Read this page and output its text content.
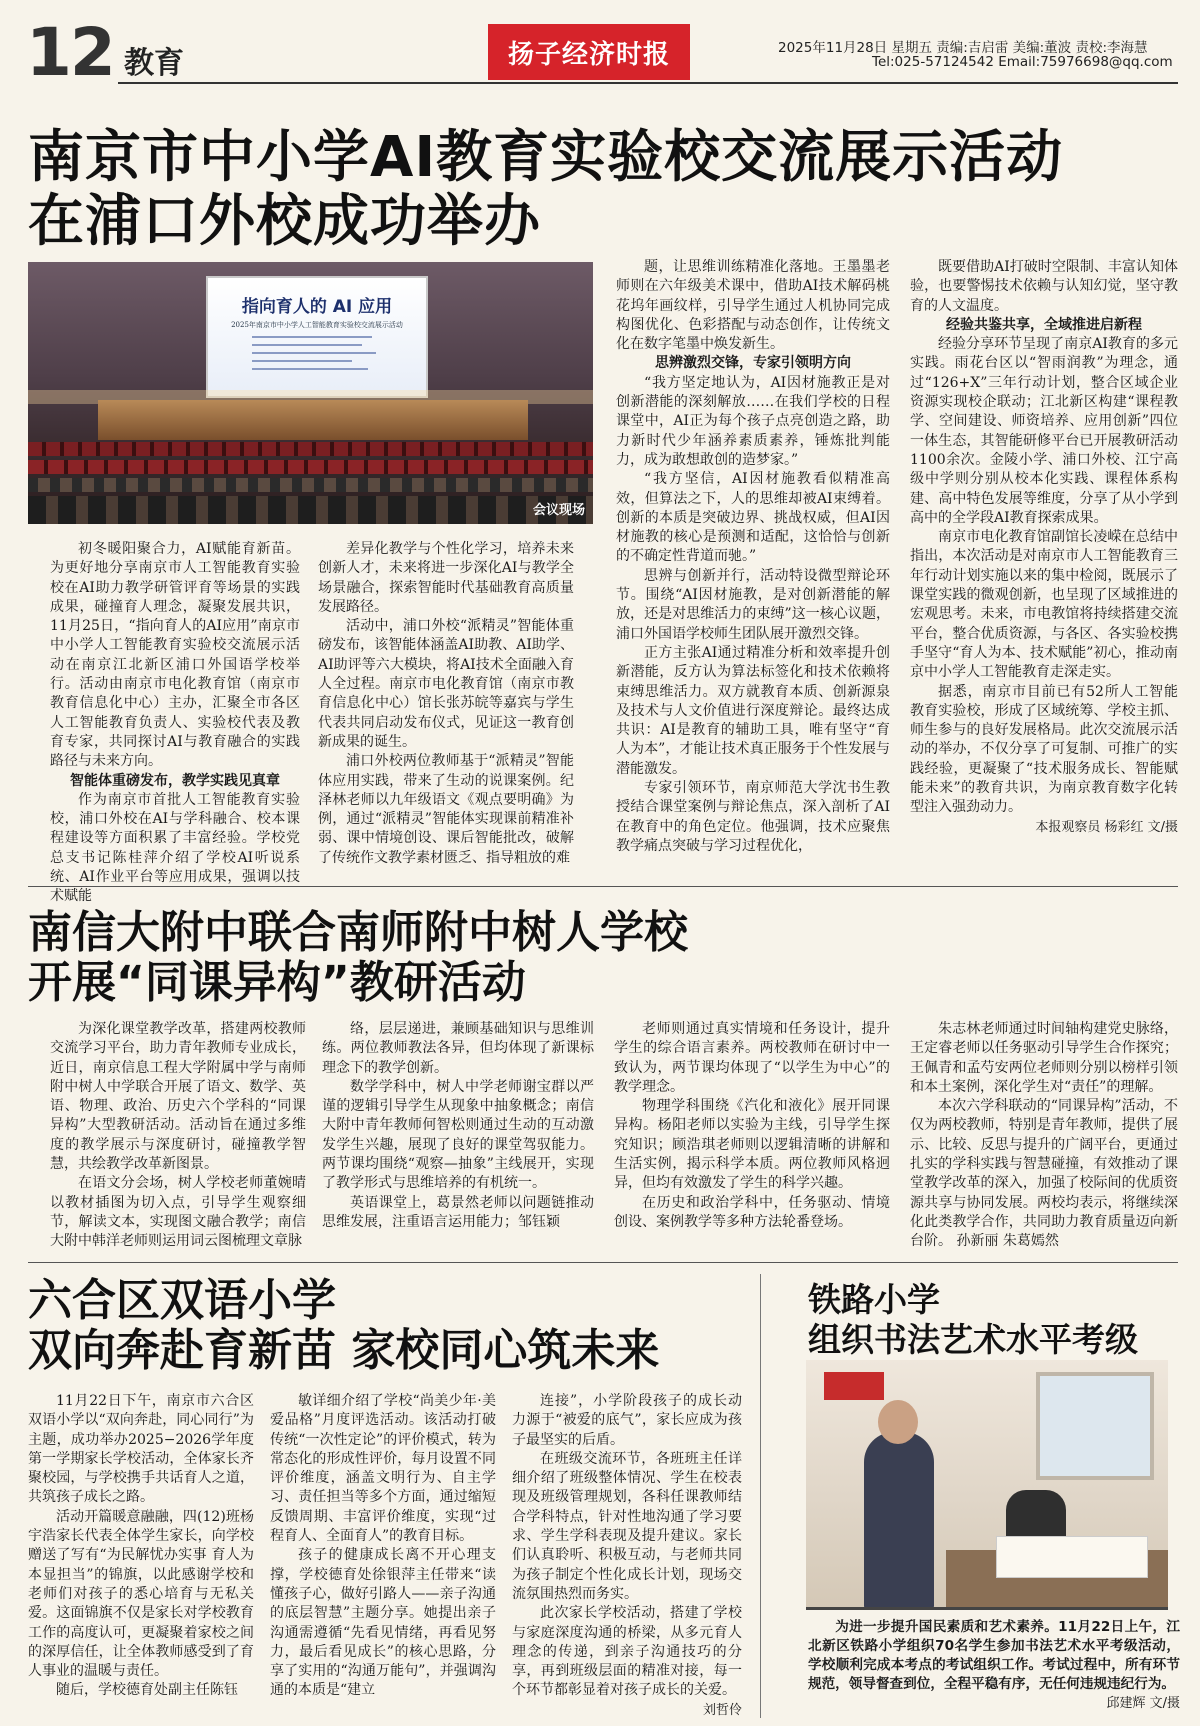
12 教育	扬子经济时报	2025年11月28日 星期五 责编:吉启雷 美编:董波 责校:李海慧
Tel:025-57124542 Email:75976698@qq.com
南京市中小学AI教育实验校交流展示活动
在浦口外校成功举办
指向育人的 AI 应用
2025年南京市中小学人工智能教育实验校交流展示活动
会议现场

初冬暖阳聚合力，AI赋能育新苗。为更好地分享南京市人工智能教育实验校在AI助力教学研管评育等场景的实践成果，碰撞育人理念，凝聚发展共识，11月25日，“指向育人的AI应用”南京市中小学人工智能教育实验校交流展示活动在南京江北新区浦口外国语学校举行。活动由南京市电化教育馆（南京市教育信息化中心）主办，汇聚全市各区人工智能教育负责人、实验校代表及教育专家，共同探讨AI与教育融合的实践路径与未来方向。

智能体重磅发布，教学实践见真章

作为南京市首批人工智能教育实验校，浦口外校在AI与学科融合、校本课程建设等方面积累了丰富经验。学校党总支书记陈桂萍介绍了学校AI听说系统、AI作业平台等应用成果，强调以技术赋能

差异化教学与个性化学习，培养未来创新人才，未来将进一步深化AI与教学全场景融合，探索智能时代基础教育高质量发展路径。

活动中，浦口外校“派精灵”智能体重磅发布，该智能体涵盖AI助教、AI助学、AI助评等六大模块，将AI技术全面融入育人全过程。南京市电化教育馆（南京市教育信息化中心）馆长张苏皖等嘉宾与学生代表共同启动发布仪式，见证这一教育创新成果的诞生。

浦口外校两位教师基于“派精灵”智能体应用实践，带来了生动的说课案例。纪泽林老师以九年级语文《观点要明确》为例，通过“派精灵”智能体实现课前精准补弱、课中情境创设、课后智能批改，破解了传统作文教学素材匮乏、指导粗放的难

题，让思维训练精准化落地。王墨墨老师则在六年级美术课中，借助AI技术解码桃花坞年画纹样，引导学生通过人机协同完成构图优化、色彩搭配与动态创作，让传统文化在数字笔墨中焕发新生。

思辨激烈交锋，专家引领明方向

“我方坚定地认为，AI因材施教正是对创新潜能的深刻解放……在我们学校的日程课堂中，AI正为每个孩子点亮创造之路，助力新时代少年涵养素质素养，锤炼批判能力，成为敢想敢创的造梦家。”

“我方坚信，AI因材施教看似精准高效，但算法之下，人的思维却被AI束缚着。创新的本质是突破边界、挑战权威，但AI因材施教的核心是预测和适配，这恰恰与创新的不确定性背道而驰。”

思辨与创新并行，活动特设微型辩论环节。围绕“AI因材施教，是对创新潜能的解放，还是对思维活力的束缚”这一核心议题，浦口外国语学校师生团队展开激烈交锋。

正方主张AI通过精准分析和效率提升创新潜能，反方认为算法标签化和技术依赖将束缚思维活力。双方就教育本质、创新源泉及技术与人文价值进行深度辩论。最终达成共识：AI是教育的辅助工具，唯有坚守“育人为本”，才能让技术真正服务于个性发展与潜能激发。

专家引领环节，南京师范大学沈书生教授结合课堂案例与辩论焦点，深入剖析了AI在教育中的角色定位。他强调，技术应聚焦教学痛点突破与学习过程优化，

既要借助AI打破时空限制、丰富认知体验，也要警惕技术依赖与认知幻觉，坚守教育的人文温度。

经验共鉴共享，全域推进启新程

经验分享环节呈现了南京AI教育的多元实践。雨花台区以“智雨润教”为理念，通过“126+X”三年行动计划，整合区域企业资源实现校企联动；江北新区构建“课程教学、空间建设、师资培养、应用创新”四位一体生态，其智能研修平台已开展教研活动1100余次。金陵小学、浦口外校、江宁高级中学则分别从校本化实践、课程体系构建、高中特色发展等维度，分享了从小学到高中的全学段AI教育探索成果。

南京市电化教育馆副馆长凌嵘在总结中指出，本次活动是对南京市人工智能教育三年行动计划实施以来的集中检阅，既展示了课堂实践的微观创新，也呈现了区域推进的宏观思考。未来，市电教馆将持续搭建交流平台，整合优质资源，与各区、各实验校携手坚守“育人为本、技术赋能”初心，推动南京中小学人工智能教育走深走实。

据悉，南京市目前已有52所人工智能教育实验校，形成了区域统筹、学校主抓、师生参与的良好发展格局。此次交流展示活动的举办，不仅分享了可复制、可推广的实践经验，更凝聚了“技术服务成长、智能赋能未来”的教育共识，为南京教育数字化转型注入强劲动力。

本报观察员 杨彩红 文/摄

南信大附中联合南师附中树人学校
开展“同课异构”教研活动

为深化课堂教学改革，搭建两校教师交流学习平台，助力青年教师专业成长，近日，南京信息工程大学附属中学与南师附中树人中学联合开展了语文、数学、英语、物理、政治、历史六个学科的“同课异构”大型教研活动。活动旨在通过多维度的教学展示与深度研讨，碰撞教学智慧，共绘教学改革新图景。

在语文分会场，树人学校老师董婉晴以教材插图为切入点，引导学生观察细节，解读文本，实现图文融合教学；南信大附中韩洋老师则运用词云图梳理文章脉

络，层层递进，兼顾基础知识与思维训练。两位教师教法各异，但均体现了新课标理念下的教学创新。

数学学科中，树人中学老师谢宝群以严谨的逻辑引导学生从现象中抽象概念；南信大附中青年教师何智松则通过生动的互动激发学生兴趣，展现了良好的课堂驾驭能力。两节课均围绕“观察—抽象”主线展开，实现了教学形式与思维培养的有机统一。

英语课堂上，葛景然老师以问题链推动思维发展，注重语言运用能力；邹钰颖

老师则通过真实情境和任务设计，提升学生的综合语言素养。两校教师在研讨中一致认为，两节课均体现了“以学生为中心”的教学理念。

物理学科围绕《汽化和液化》展开同课异构。杨阳老师以实验为主线，引导学生探究知识；顾浩琪老师则以逻辑清晰的讲解和生活实例，揭示科学本质。两位教师风格迥异，但均有效激发了学生的科学兴趣。

在历史和政治学科中，任务驱动、情境创设、案例教学等多种方法轮番登场。

朱志林老师通过时间轴构建党史脉络，王定睿老师以任务驱动引导学生合作探究；王佩青和孟芍安两位老师则分别以榜样引领和本土案例，深化学生对“责任”的理解。

本次六学科联动的“同课异构”活动，不仅为两校教师，特别是青年教师，提供了展示、比较、反思与提升的广阔平台，更通过扎实的学科实践与智慧碰撞，有效推动了课堂教学改革的深入，加强了校际间的优质资源共享与协同发展。两校均表示，将继续深化此类教学合作，共同助力教育质量迈向新台阶。 孙新丽 朱葛嫣然

六合区双语小学
双向奔赴育新苗 家校同心筑未来

11月22日下午，南京市六合区双语小学以“双向奔赴，同心同行”为主题，成功举办2025−2026学年度第一学期家长学校活动，全体家长齐聚校园，与学校携手共话育人之道，共筑孩子成长之路。

活动开篇暖意融融，四(12)班杨宇浩家长代表全体学生家长，向学校赠送了写有“为民解忧办实事 育人为本显担当”的锦旗，以此感谢学校和老师们对孩子的悉心培育与无私关爱。这面锦旗不仅是家长对学校教育工作的高度认可，更凝聚着家校之间的深厚信任，让全体教师感受到了育人事业的温暖与责任。

随后，学校德育处副主任陈钰

敏详细介绍了学校“尚美少年·美爱品格”月度评选活动。该活动打破传统“一次性定论”的评价模式，转为常态化的形成性评价，每月设置不同评价维度，涵盖文明行为、自主学习、责任担当等多个方面，通过缩短反馈周期、丰富评价维度，实现“过程育人、全面育人”的教育目标。

孩子的健康成长离不开心理支撑，学校德育处徐银萍主任带来“读懂孩子心，做好引路人——亲子沟通的底层智慧”主题分享。她提出亲子沟通需遵循“先看见情绪，再看见努力，最后看见成长”的核心思路，分享了实用的“沟通万能句”，并强调沟通的本质是“建立

连接”，小学阶段孩子的成长动力源于“被爱的底气”，家长应成为孩子最坚实的后盾。

在班级交流环节，各班班主任详细介绍了班级整体情况、学生在校表现及班级管理规划，各科任课教师结合学科特点，针对性地沟通了学习要求、学生学科表现及提升建议。家长们认真聆听、积极互动，与老师共同为孩子制定个性化成长计划，现场交流氛围热烈而务实。

此次家长学校活动，搭建了学校与家庭深度沟通的桥梁，从多元育人理念的传递，到亲子沟通技巧的分享，再到班级层面的精准对接，每一个环节都彰显着对孩子成长的关爱。

刘哲伶

铁路小学
组织书法艺术水平考级

为进一步提升国民素质和艺术素养。11月22日上午，江北新区铁路小学组织70名学生参加书法艺术水平考级活动，学校顺利完成本考点的考试组织工作。考试过程中，所有环节规范，领导督查到位，全程平稳有序，无任何违规违纪行为。

邱建辉 文/摄
